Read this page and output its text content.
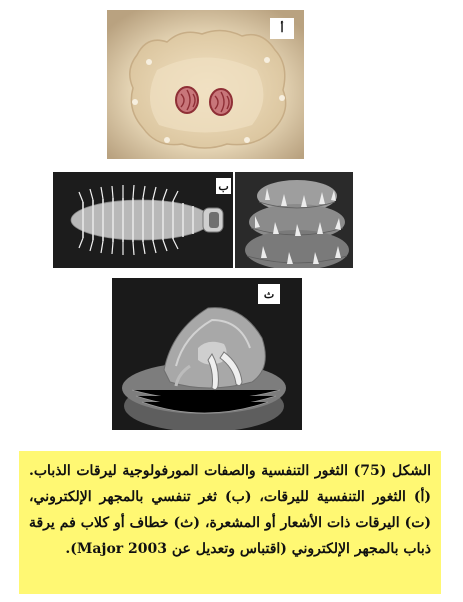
أ
ب
ث
الشكل (75) الثغور التنفسية والصفات المورفولوجية ليرقات الذباب. (أ) الثغور التنفسية لليرقات، (ب) ثغر تنفسي بالمجهر الإلكتروني، (ت) اليرقات ذات الأشعار أو المشعرة، (ث) خطاف أو كلاب فم يرقة ذباب بالمجهر الإلكتروني (اقتباس وتعديل عن Major 2003).
